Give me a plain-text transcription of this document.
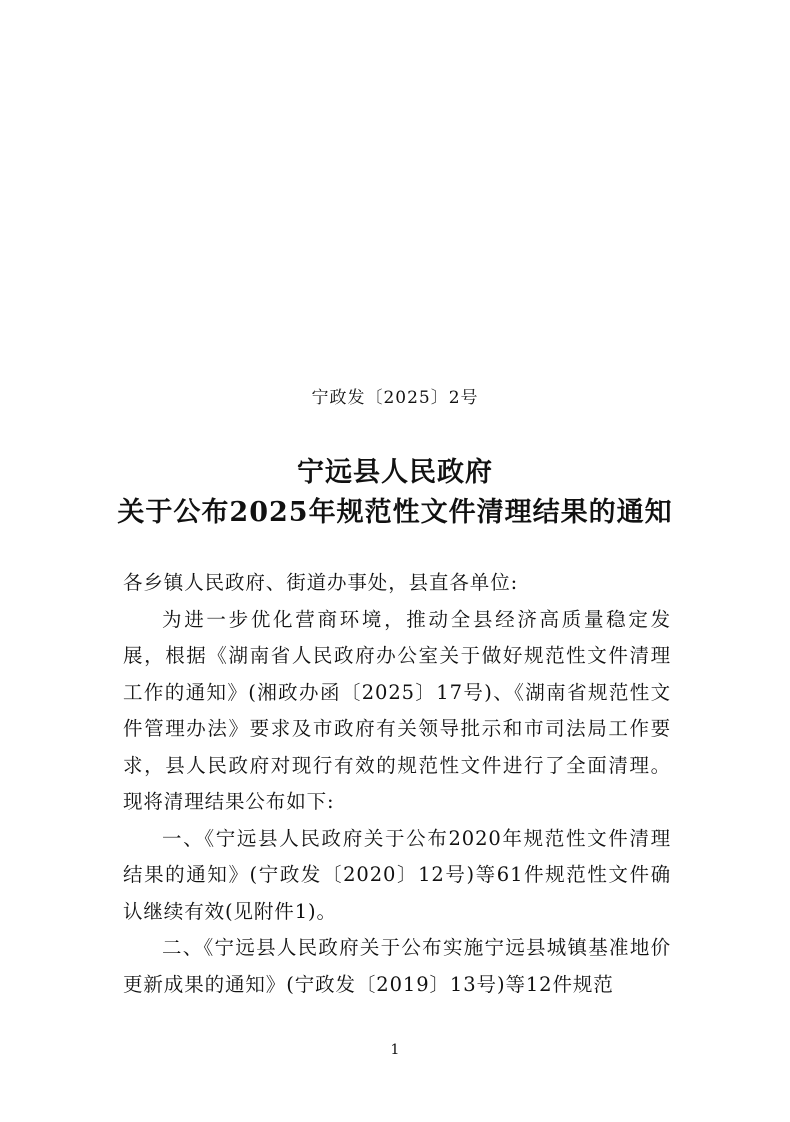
宁政发〔2025〕2号
宁远县人民政府
关于公布2025年规范性文件清理结果的通知

各乡镇人民政府、街道办事处，县直各单位:

为进一步优化营商环境，推动全县经济高质量稳定发展，根据《湖南省人民政府办公室关于做好规范性文件清理工作的通知》(湘政办函〔2025〕17号)、《湖南省规范性文件管理办法》要求及市政府有关领导批示和市司法局工作要求，县人民政府对现行有效的规范性文件进行了全面清理。现将清理结果公布如下:

一、《宁远县人民政府关于公布2020年规范性文件清理结果的通知》(宁政发〔2020〕12号)等61件规范性文件确认继续有效(见附件1)。

二、《宁远县人民政府关于公布实施宁远县城镇基准地价更新成果的通知》(宁政发〔2019〕13号)等12件规范

1
